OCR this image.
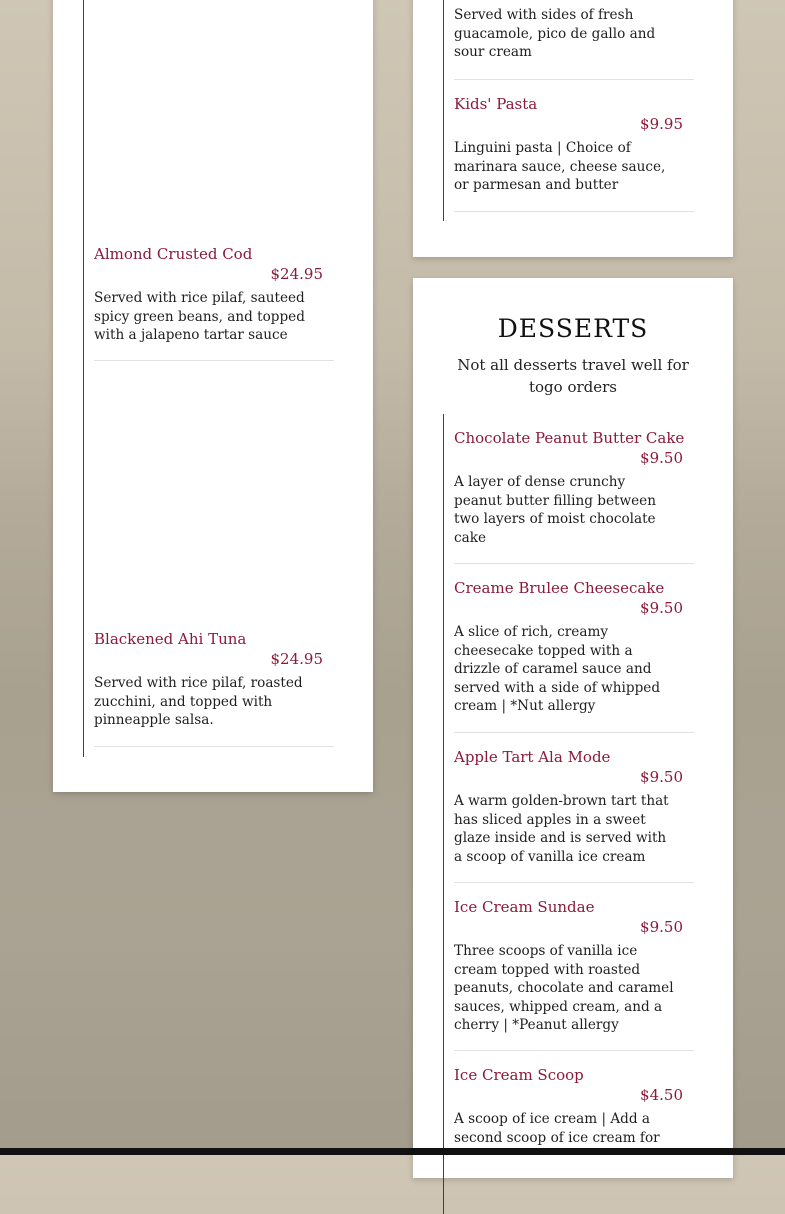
Almond Crusted Cod
$24.95
Served with rice pilaf, sauteed spicy green beans, and topped with a jalapeno tartar sauce
Blackened Ahi Tuna
$24.95
Served with rice pilaf, roasted zucchini, and topped with pinneapple salsa.
Served with sides of fresh guacamole, pico de gallo and sour cream
Kids' Pasta
$9.95
Linguini pasta | Choice of marinara sauce, cheese sauce, or parmesan and butter
DESSERTS
Not all desserts travel well for togo orders
Chocolate Peanut Butter Cake
$9.50
A layer of dense crunchy peanut butter filling between two layers of moist chocolate cake
Creame Brulee Cheesecake
$9.50
A slice of rich, creamy cheesecake topped with a drizzle of caramel sauce and served with a side of whipped cream | *Nut allergy
Apple Tart Ala Mode
$9.50
A warm golden-brown tart that has sliced apples in a sweet glaze inside and is served with a scoop of vanilla ice cream
Ice Cream Sundae
$9.50
Three scoops of vanilla ice cream topped with roasted peanuts, chocolate and caramel sauces, whipped cream, and a cherry | *Peanut allergy
Ice Cream Scoop
$4.50
A scoop of ice cream | Add a second scoop of ice cream for
